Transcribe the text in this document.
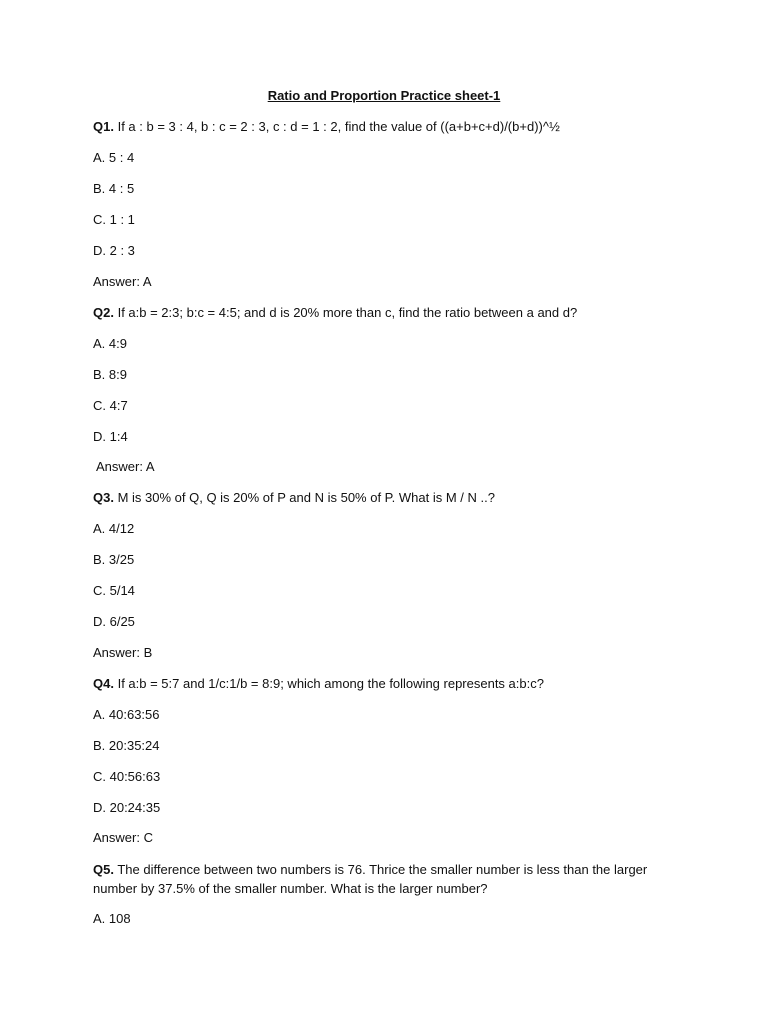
Ratio and Proportion Practice sheet-1
Q1. If a : b = 3 : 4, b : c = 2 : 3, c : d = 1 : 2, find the value of ((a+b+c+d)/(b+d))^½
A. 5 : 4
B. 4 : 5
C. 1 : 1
D. 2 : 3
Answer: A
Q2. If a:b = 2:3; b:c = 4:5; and d is 20% more than c, find the ratio between a and d?
A. 4:9
B. 8:9
C. 4:7
D. 1:4
Answer: A
Q3. M is 30% of Q, Q is 20% of P and N is 50% of P. What is M / N ..?
A. 4/12
B. 3/25
C. 5/14
D. 6/25
Answer: B
Q4. If a:b = 5:7 and 1/c:1/b = 8:9; which among the following represents a:b:c?
A. 40:63:56
B. 20:35:24
C. 40:56:63
D. 20:24:35
Answer: C
Q5. The difference between two numbers is 76. Thrice the smaller number is less than the larger number by 37.5% of the smaller number. What is the larger number?
A. 108
